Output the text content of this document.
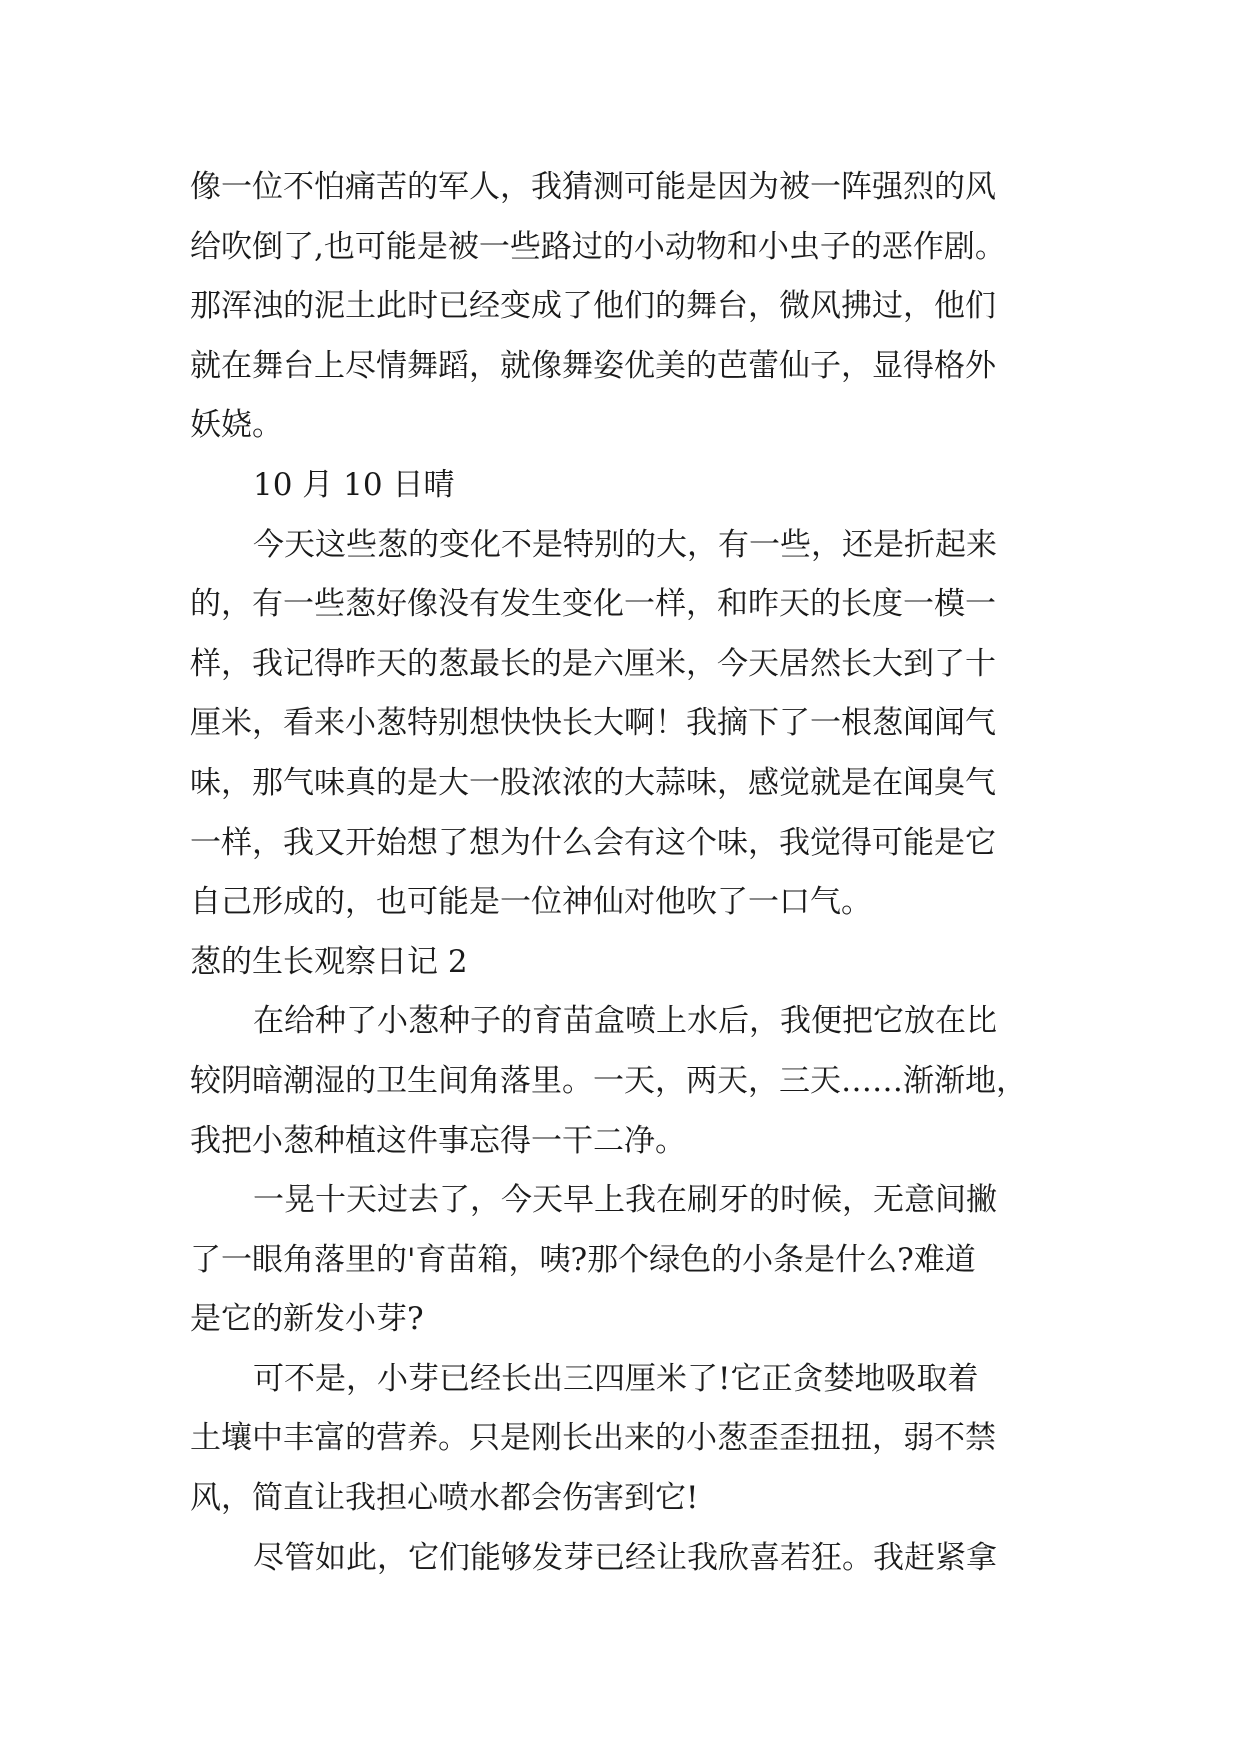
像一位不怕痛苦的军人，我猜测可能是因为被一阵强烈的风
给吹倒了,也可能是被一些路过的小动物和小虫子的恶作剧。
那浑浊的泥土此时已经变成了他们的舞台，微风拂过，他们
就在舞台上尽情舞蹈，就像舞姿优美的芭蕾仙子，显得格外
妖娆。
10 月 10 日晴
今天这些葱的变化不是特别的大，有一些，还是折起来
的，有一些葱好像没有发生变化一样，和昨天的长度一模一
样，我记得昨天的葱最长的是六厘米，今天居然长大到了十
厘米，看来小葱特别想快快长大啊！我摘下了一根葱闻闻气
味，那气味真的是大一股浓浓的大蒜味，感觉就是在闻臭气
一样，我又开始想了想为什么会有这个味，我觉得可能是它
自己形成的，也可能是一位神仙对他吹了一口气。
葱的生长观察日记 2
在给种了小葱种子的育苗盒喷上水后，我便把它放在比
较阴暗潮湿的卫生间角落里。一天，两天，三天……渐渐地，
我把小葱种植这件事忘得一干二净。
一晃十天过去了，今天早上我在刷牙的时候，无意间撇
了一眼角落里的'育苗箱，咦?那个绿色的小条是什么?难道
是它的新发小芽?
可不是，小芽已经长出三四厘米了!它正贪婪地吸取着
土壤中丰富的营养。只是刚长出来的小葱歪歪扭扭，弱不禁
风，简直让我担心喷水都会伤害到它!
尽管如此，它们能够发芽已经让我欣喜若狂。我赶紧拿
